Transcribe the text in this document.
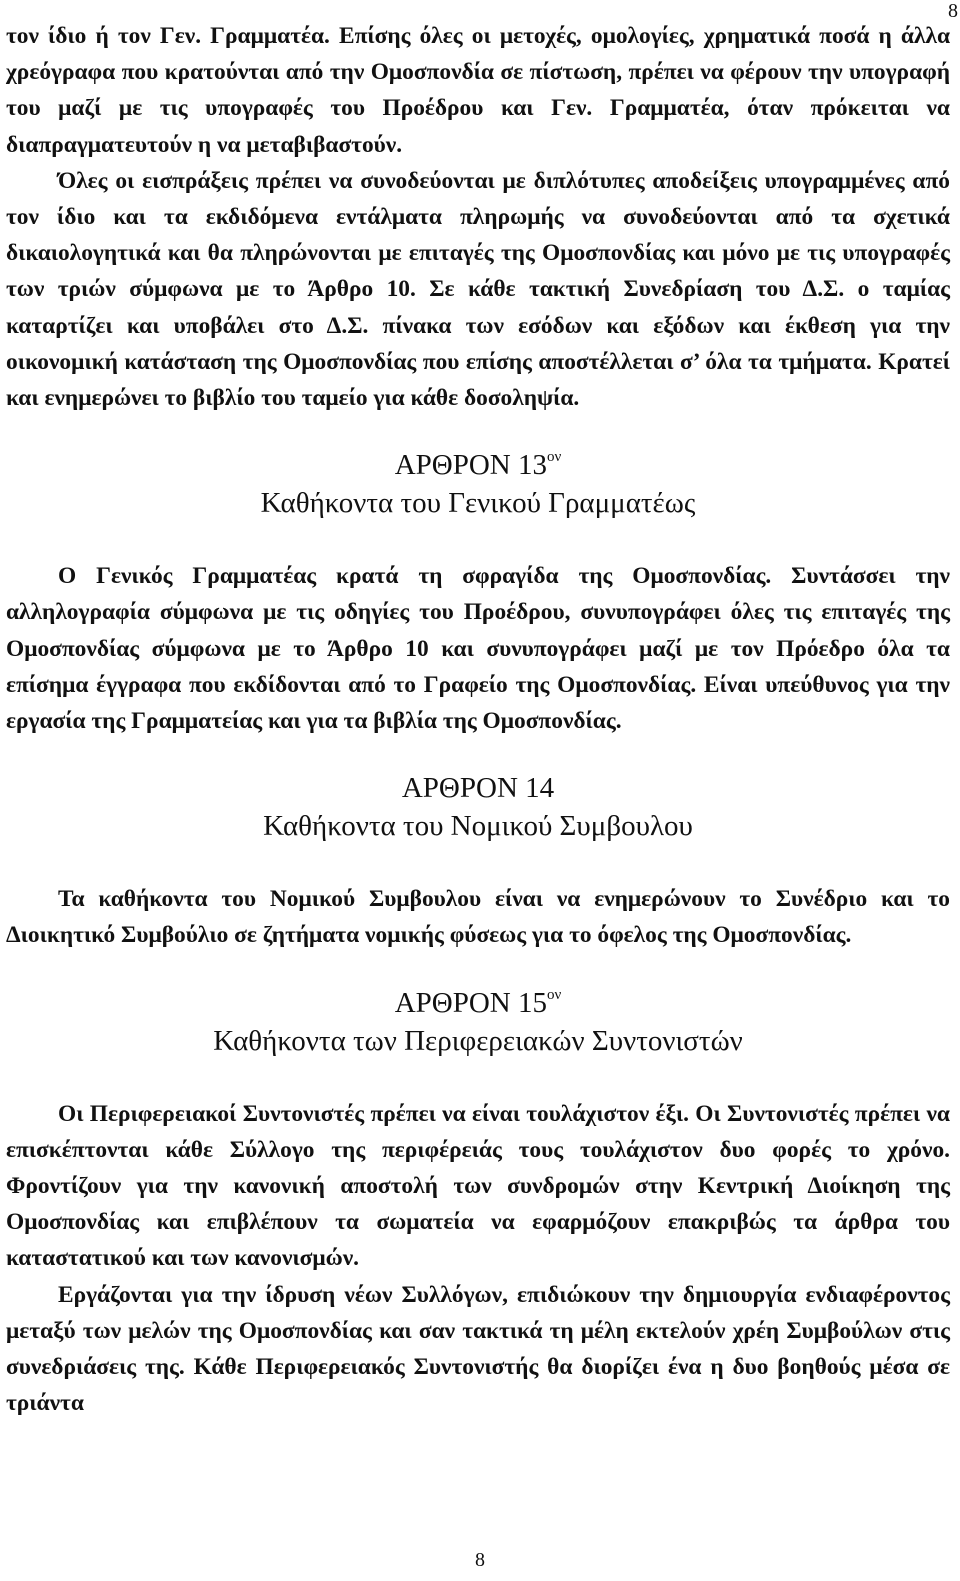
8

τον ίδιο ή τον Γεν. Γραμματέα. Επίσης όλες οι μετοχές, ομολογίες, χρηματικά ποσά η άλλα χρεόγραφα που κρατούνται από την Ομοσπονδία σε πίστωση, πρέπει να φέρουν την υπογραφή του μαζί με τις υπογραφές του Προέδρου και Γεν. Γραμματέα, όταν πρόκειται να διαπραγματευτούν η να μεταβιβαστούν.

Όλες οι εισπράξεις πρέπει να συνοδεύονται με διπλότυπες αποδείξεις υπογραμμένες από τον ίδιο και τα εκδιδόμενα εντάλματα πληρωμής να συνοδεύονται από τα σχετικά δικαιολογητικά και θα πληρώνονται με επιταγές της Ομοσπονδίας και μόνο με τις υπογραφές των τριών σύμφωνα με το Άρθρο 10. Σε κάθε τακτική Συνεδρίαση του Δ.Σ. ο ταμίας καταρτίζει και υποβάλει στο Δ.Σ. πίνακα των εσόδων και εξόδων και έκθεση για την οικονομική κατάσταση της Ομοσπονδίας που επίσης αποστέλλεται σ’ όλα τα τμήματα. Κρατεί και ενημερώνει το βιβλίο του ταμείο για κάθε δοσοληψία.

ΑΡΘΡΟΝ $13^{o\nu}$
Καθήκοντα του Γενικού Γραμματέως

Ο Γενικός Γραμματέας κρατά τη σφραγίδα της Ομοσπονδίας. Συντάσσει την αλληλογραφία σύμφωνα με τις οδηγίες του Προέδρου, συνυπογράφει όλες τις επιταγές της Ομοσπονδίας σύμφωνα με το Άρθρο 10 και συνυπογράφει μαζί με τον Πρόεδρο όλα τα επίσημα έγγραφα που εκδίδονται από το Γραφείο της Ομοσπονδίας. Είναι υπεύθυνος για την εργασία της Γραμματείας και για τα βιβλία της Ομοσπονδίας.

ΑΡΘΡΟΝ 14
Καθήκοντα του Νομικού Συμβουλου

Τα καθήκοντα του Νομικού Συμβουλου είναι να ενημερώνουν το Συνέδριο και το Διοικητικό Συμβούλιο σε ζητήματα νομικής φύσεως για το όφελος της Ομοσπονδίας.

ΑΡΘΡΟΝ $15^{o\nu}$
Καθήκοντα των Περιφερειακών Συντονιστών

Οι Περιφερειακοί Συντονιστές πρέπει να είναι τουλάχιστον έξι. Οι Συντονιστές πρέπει να επισκέπτονται κάθε Σύλλογο της περιφέρειάς τους τουλάχιστον δυο φορές το χρόνο. Φροντίζουν για την κανονική αποστολή των συνδρομών στην Κεντρική Διοίκηση της Ομοσπονδίας και επιβλέπουν τα σωματεία να εφαρμόζουν επακριβώς τα άρθρα του καταστατικού και των κανονισμών.

Εργάζονται για την ίδρυση νέων Συλλόγων, επιδιώκουν την δημιουργία ενδιαφέροντος μεταξύ των μελών της Ομοσπονδίας και σαν τακτικά τη μέλη εκτελούν χρέη Συμβούλων στις συνεδριάσεις της. Κάθε Περιφερειακός Συντονιστής θα διορίζει ένα η δυο βοηθούς μέσα σε τριάντα

8
